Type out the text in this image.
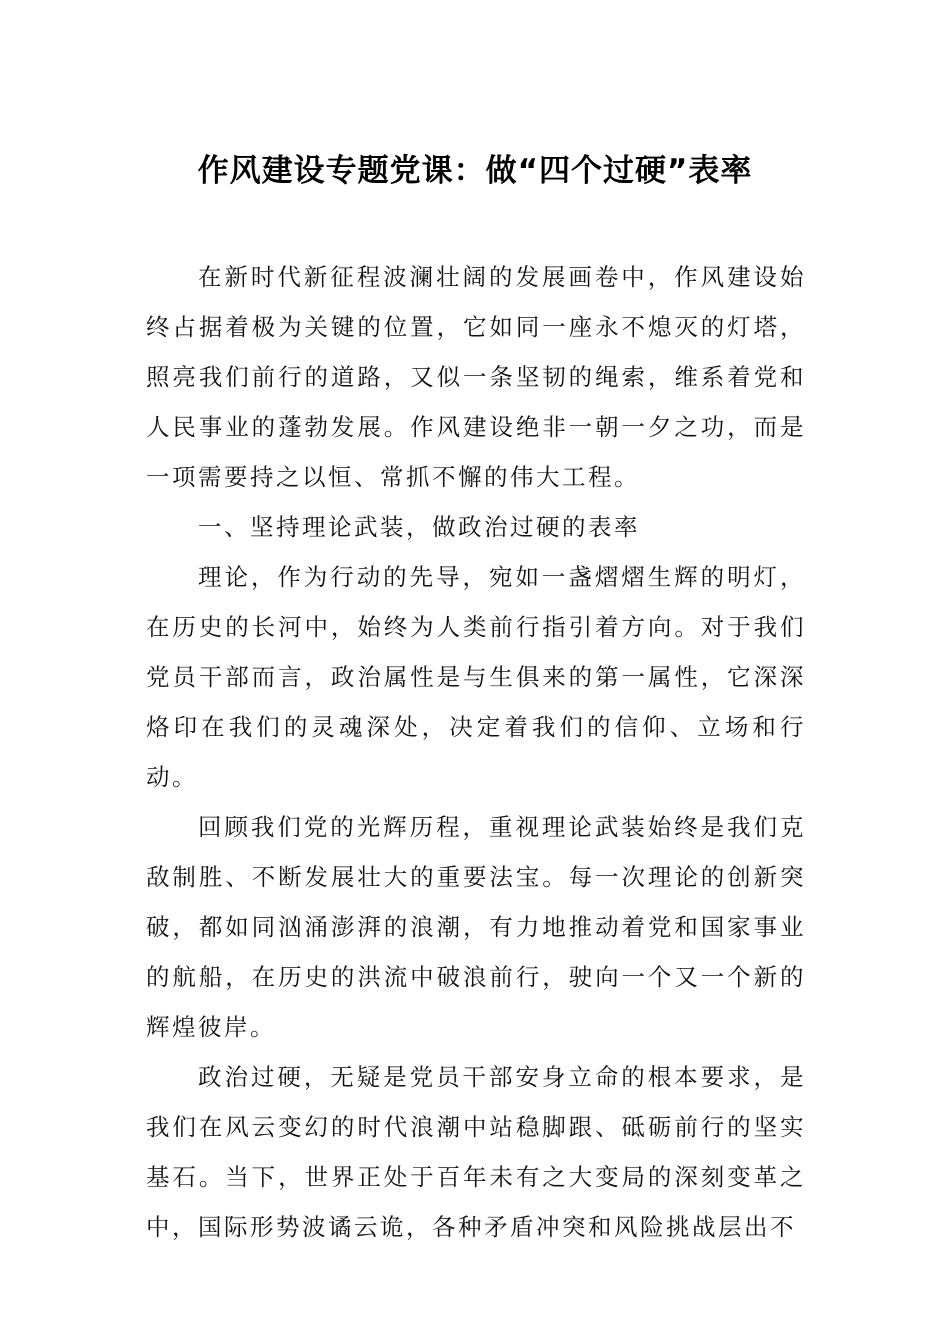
作风建设专题党课：做“四个过硬”表率

在新时代新征程波澜壮阔的发展画卷中，作风建设始终占据着极为关键的位置，它如同一座永不熄灭的灯塔，照亮我们前行的道路，又似一条坚韧的绳索，维系着党和人民事业的蓬勃发展。作风建设绝非一朝一夕之功，而是一项需要持之以恒、常抓不懈的伟大工程。

一、坚持理论武装，做政治过硬的表率

理论，作为行动的先导，宛如一盏熠熠生辉的明灯，在历史的长河中，始终为人类前行指引着方向。对于我们党员干部而言，政治属性是与生俱来的第一属性，它深深烙印在我们的灵魂深处，决定着我们的信仰、立场和行动。

回顾我们党的光辉历程，重视理论武装始终是我们克敌制胜、不断发展壮大的重要法宝。每一次理论的创新突破，都如同汹涌澎湃的浪潮，有力地推动着党和国家事业的航船，在历史的洪流中破浪前行，驶向一个又一个新的辉煌彼岸。

政治过硬，无疑是党员干部安身立命的根本要求，是我们在风云变幻的时代浪潮中站稳脚跟、砥砺前行的坚实基石。当下，世界正处于百年未有之大变局的深刻变革之中，国际形势波谲云诡，各种矛盾冲突和风险挑战层出不
